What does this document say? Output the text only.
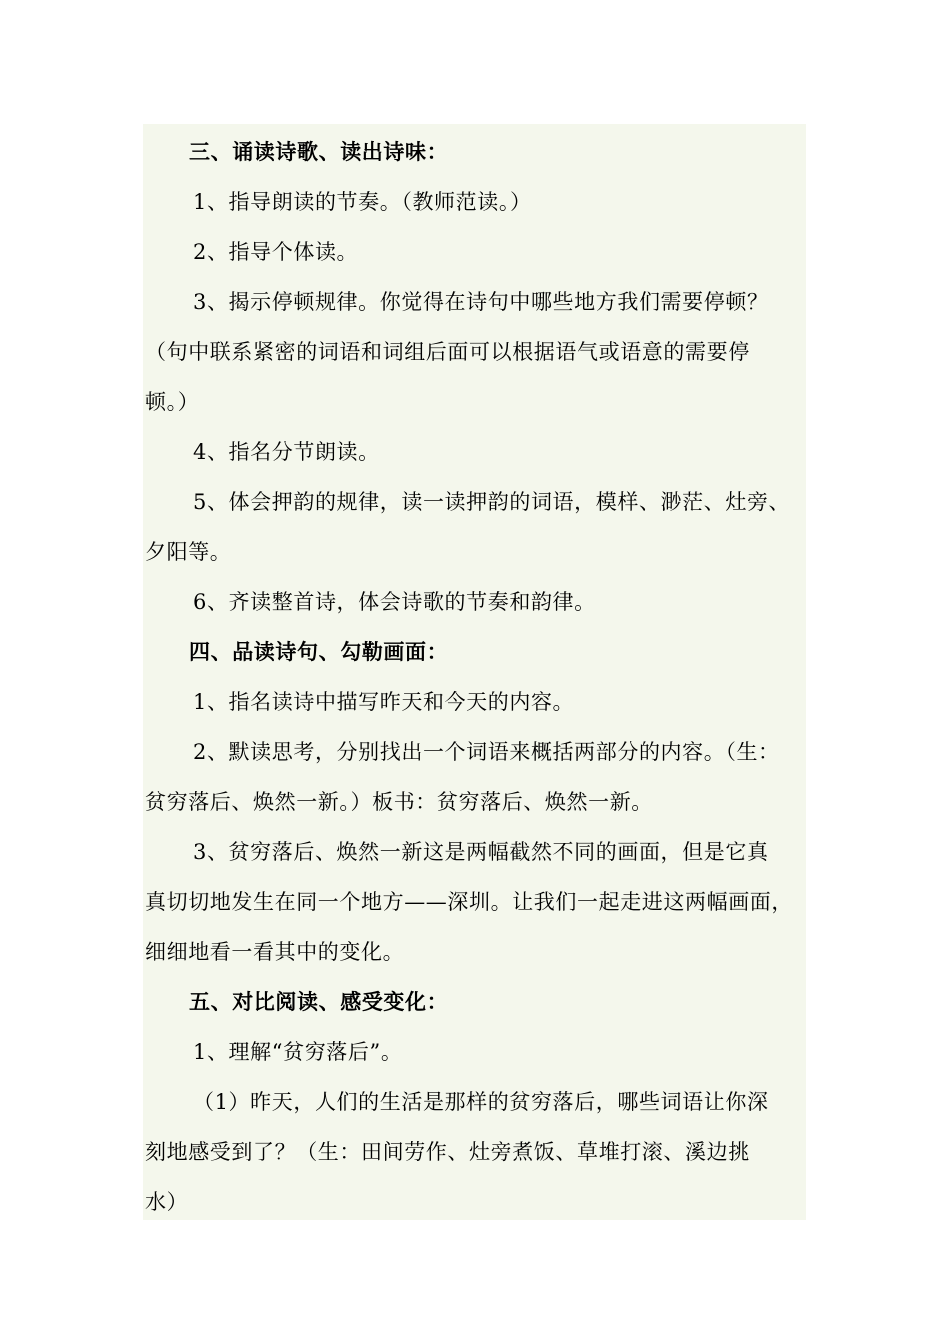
三、诵读诗歌、读出诗味：
1、指导朗读的节奏。（教师范读。）
2、指导个体读。
3、揭示停顿规律。你觉得在诗句中哪些地方我们需要停顿？
（句中联系紧密的词语和词组后面可以根据语气或语意的需要停
顿。）
4、指名分节朗读。
5、体会押韵的规律，读一读押韵的词语，模样、渺茫、灶旁、
夕阳等。
6、齐读整首诗，体会诗歌的节奏和韵律。
四、品读诗句、勾勒画面：
1、指名读诗中描写昨天和今天的内容。
2、默读思考，分别找出一个词语来概括两部分的内容。（生：
贫穷落后、焕然一新。）板书：贫穷落后、焕然一新。
3、贫穷落后、焕然一新这是两幅截然不同的画面，但是它真
真切切地发生在同一个地方——深圳。让我们一起走进这两幅画面，
细细地看一看其中的变化。
五、对比阅读、感受变化：
1、理解“贫穷落后”。
（1）昨天，人们的生活是那样的贫穷落后，哪些词语让你深
刻地感受到了？（生：田间劳作、灶旁煮饭、草堆打滚、溪边挑
水）
